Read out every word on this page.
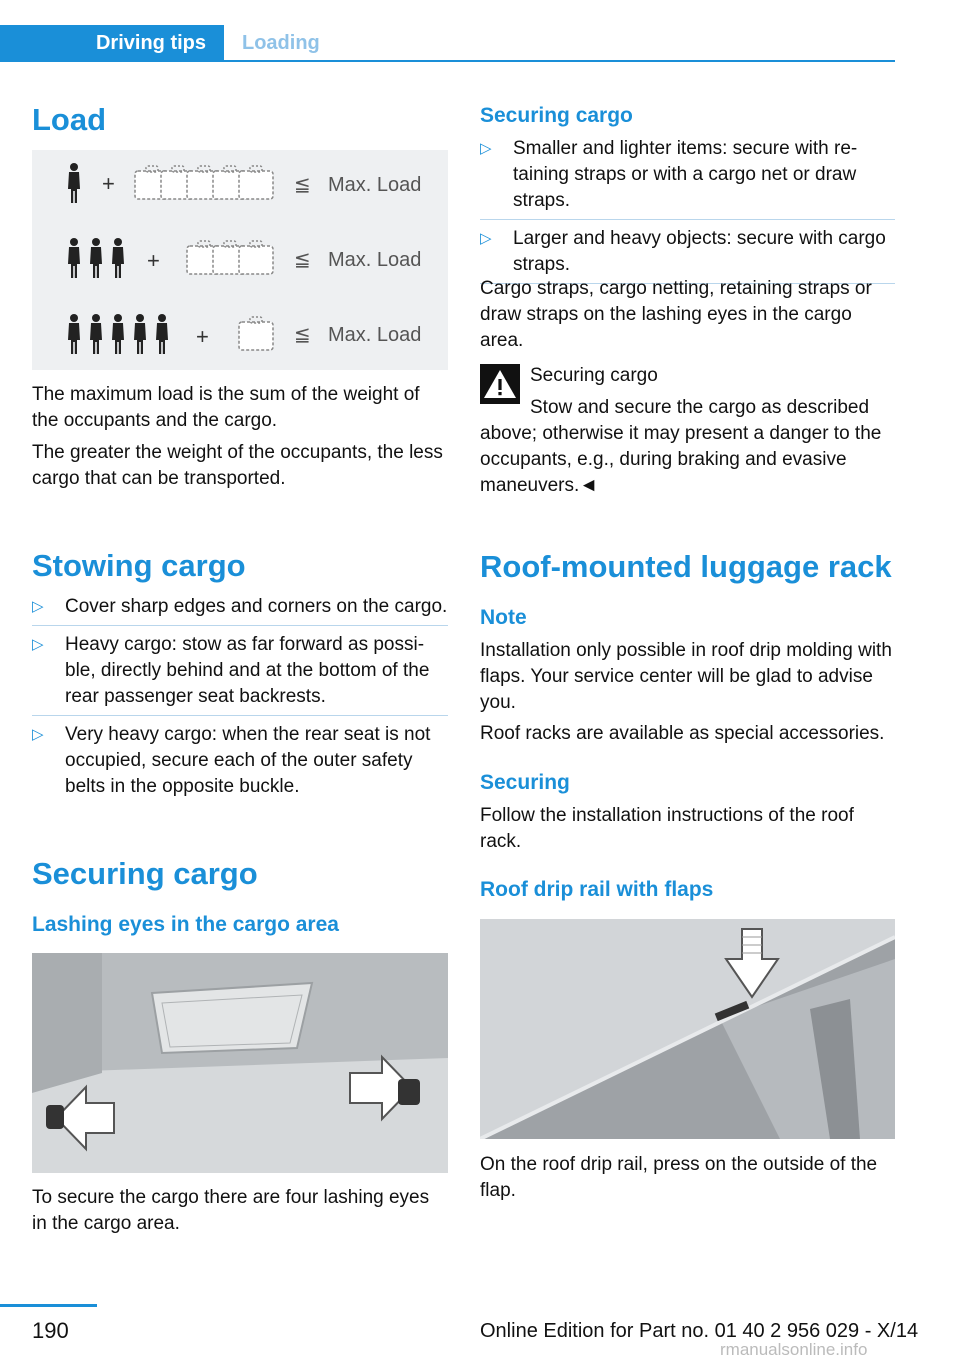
Driving tips	Loading
Load
+	≦ Max. Load
+	≦ Max. Load
+	≦ Max. Load
The maximum load is the sum of the weight of the occupants and the cargo.
The greater the weight of the occupants, the less cargo that can be transported.
Stowing cargo
▷ Cover sharp edges and corners on the cargo.
▷ Heavy cargo: stow as far forward as possi‐ble, directly behind and at the bottom of the rear passenger seat backrests.
▷ Very heavy cargo: when the rear seat is not occupied, secure each of the outer safety belts in the opposite buckle.
Securing cargo
Lashing eyes in the cargo area
To secure the cargo there are four lashing eyes in the cargo area.
Securing cargo
▷ Smaller and lighter items: secure with re‐taining straps or with a cargo net or draw straps.
▷ Larger and heavy objects: secure with cargo straps.
Cargo straps, cargo netting, retaining straps or draw straps on the lashing eyes in the cargo area.
Securing cargo
Stow and secure the cargo as described
above; otherwise it may present a danger to the occupants, e.g., during braking and evasive maneuvers.◄
Roof-mounted luggage rack
Note
Installation only possible in roof drip molding with flaps. Your service center will be glad to advise you.
Roof racks are available as special accessories.
Securing
Follow the installation instructions of the roof rack.
Roof drip rail with flaps
On the roof drip rail, press on the outside of the flap.
190	Online Edition for Part no. 01 40 2 956 029 - X/14
rmanualsonline.info
